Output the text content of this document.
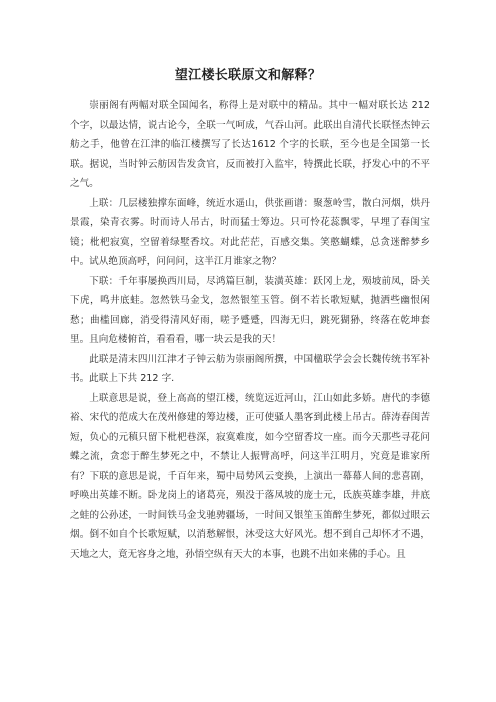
望江楼长联原文和解释？

崇丽阁有两幅对联全国闻名，称得上是对联中的精品。其中一幅对联长达 212 个字，以最达情，说古论今，全联一气呵成，气吞山河。此联出自清代长联怪杰钟云舫之手，他曾在江津的临江楼撰写了长达1612 个字的长联，至今也是全国第一长联。据说，当时钟云舫因告发贪官，反而被打入监牢，特撰此长联，抒发心中的不平之气。

上联：几层楼独撑东面峰，统近水遥山，供张画谱：聚葱岭雪，散白河烟，烘丹景霞，染青衣雾。时而诗人吊古，时而猛士筹边。只可怜花蕊飘零，早埋了春闺宝镜；枇杷寂寞，空留着绿墅香坟。对此茫茫，百感交集。笑憨蝴蝶，总贪迷醉梦乡中。试从绝顶高呼，问问问，这半江月谁家之物？

下联：千年事屡换西川局，尽鸿篇巨制，装潢英雄：跃冈上龙，殒坡前凤，卧关下虎，鸣井底蛙。忽然铁马金戈，忽然银笙玉管。倒不若长歌短赋，抛洒些幽恨闲愁；曲槛回廊，消受得清风好雨，嗟予蹙蹙，四海无归，跳死猢狲，终落在乾坤套里。且向危楼俯首，看看看，哪一块云是我的天！

此联是清末四川江津才子钟云舫为崇丽阁所撰，中国楹联学会会长魏传统书军补书。此联上下共 212 字.

上联意思是说，登上高高的望江楼，统览远近河山，江山如此多娇。唐代的李德裕、宋代的范成大在茂州修建的筹边楼，正可使骚人墨客到此楼上吊古。薛涛春闺苦短，负心的元稹只留下枇杷巷深，寂寞难度，如今空留香坟一座。而今天那些寻花问蝶之流，贪恋于醉生梦死之中，不禁让人振臂高呼，问这半江明月，究竟是谁家所有？下联的意思是说，千百年来，蜀中局势风云变换，上演出一幕幕人间的悲喜剧，呼唤出英雄不断。卧龙岗上的诸葛亮，殒没于落凤坡的庞士元，氐族英雄李雄，井底之蛙的公孙述，一时间铁马金戈驰骋疆场，一时间又银笙玉笛醉生梦死，都似过眼云烟。倒不如自个长歌短赋，以消愁解恨，沐受这大好风光。想不到自己却怀才不遇，天地之大，竟无容身之地，孙悟空纵有天大的本事，也跳不出如来佛的手心。且
